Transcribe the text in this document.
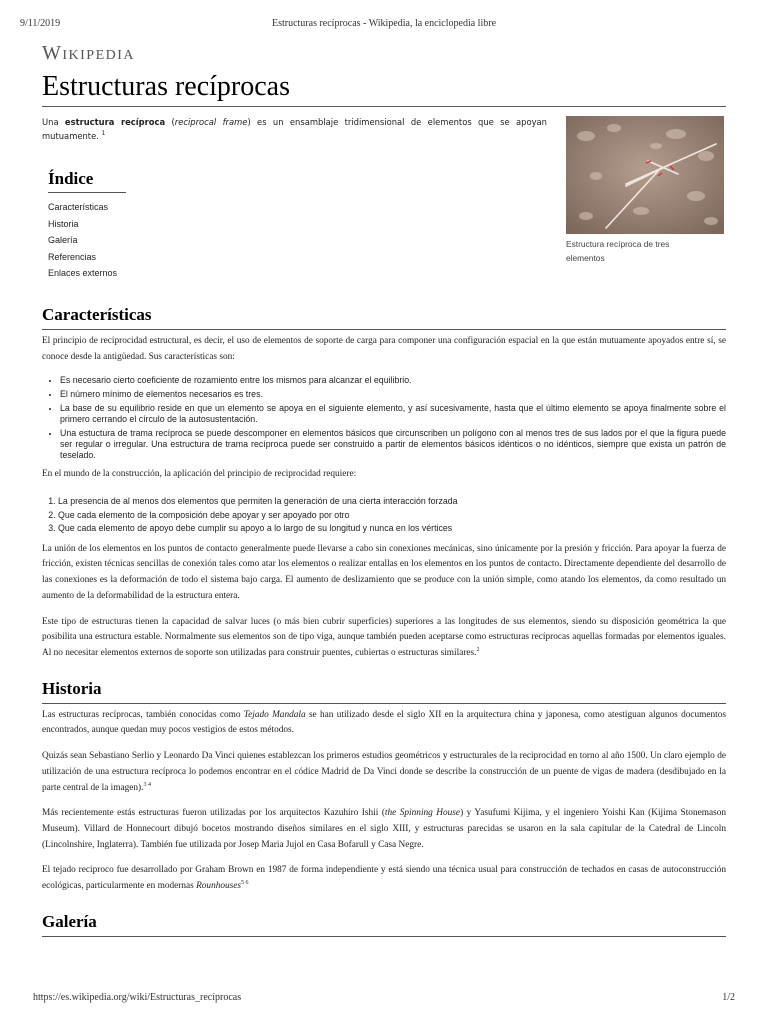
9/11/2019	Estructuras recíprocas - Wikipedia, la enciclopedia libre
Wikipedia
Estructuras recíprocas
Estructura recíproca de tres elementos
Una estructura recíproca (reciprocal frame) es un ensamblaje tridimensional de elementos que se apoyan mutuamente. $^1$
Índice
Características
Historia
Galería
Referencias
Enlaces externos
Características

El principio de reciprocidad estructural, es decir, el uso de elementos de soporte de carga para componer una configuración espacial en la que están mutuamente apoyados entre sí, se conoce desde la antigüedad. Sus características son:

• Es necesario cierto coeficiente de rozamiento entre los mismos para alcanzar el equilibrio.
• El número mínimo de elementos necesarios es tres.
• La base de su equilibrio reside en que un elemento se apoya en el siguiente elemento, y así sucesivamente, hasta que el último elemento se apoya finalmente sobre el primero cerrando el círculo de la autosustentación.
• Una estuctura de trama recíproca se puede descomponer en elementos básicos que circunscriben un polígono con al menos tres de sus lados por el que la figura puede ser regular o irregular. Una estructura de trama recíproca puede ser construido a partir de elementos básicos idénticos o no idénticos, siempre que exista un patrón de teselado.

En el mundo de la construcción, la aplicación del principio de reciprocidad requiere:

1. La presencia de al menos dos elementos que permiten la generación de una cierta interacción forzada
2. Que cada elemento de la composición debe apoyar y ser apoyado por otro
3. Que cada elemento de apoyo debe cumplir su apoyo a lo largo de su longitud y nunca en los vértices

La unión de los elementos en los puntos de contacto generalmente puede llevarse a cabo sin conexiones mecánicas, sino únicamente por la presión y fricción. Para apoyar la fuerza de fricción, existen técnicas sencillas de conexión tales como atar los elementos o realizar entallas en los elementos en los puntos de contacto. Directamente dependiente del desarrollo de las conexiones es la deformación de todo el sistema bajo carga. El aumento de deslizamiento que se produce con la unión simple, como atando los elementos, da como resultado un aumento de la deformabilidad de la estructura entera.

Este tipo de estructuras tienen la capacidad de salvar luces (o más bien cubrir superficies) superiores a las longitudes de sus elementos, siendo su disposición geométrica la que posibilita una estructura estable. Normalmente sus elementos son de tipo viga, aunque también pueden aceptarse como estructuras recíprocas aquellas formadas por elementos iguales. Al no necesitar elementos externos de soporte son utilizadas para construir puentes, cubiertas o estructuras similares.$^2$

Historia

Las estructuras recíprocas, también conocidas como Tejado Mandala se han utilizado desde el siglo XII en la arquitectura china y japonesa, como atestiguan algunos documentos encontrados, aunque quedan muy pocos vestigios de estos métodos.

Quizás sean Sebastiano Serlio y Leonardo Da Vinci quienes establezcan los primeros estudios geométricos y estructurales de la reciprocidad en torno al año 1500. Un claro ejemplo de utilización de una estructura recíproca lo podemos encontrar en el códice Madrid de Da Vinci donde se describe la construcción de un puente de vigas de madera (desdibujado en la parte central de la imagen).$^{3 4}$

Más recientemente estás estructuras fueron utilizadas por los arquitectos Kazuhiro Ishii (the Spinning House) y Yasufumi Kijima, y el ingeniero Yoishi Kan (Kijima Stonemason Museum). Villard de Honnecourt dibujó bocetos mostrando diseños similares en el siglo XIII, y estructuras parecidas se usaron en la sala capitular de la Catedral de Lincoln (Lincolnshire, Inglaterra). También fue utilizada por Josep Maria Jujol en Casa Bofarull y Casa Negre.

El tejado recíproco fue desarrollado por Graham Brown en 1987 de forma independiente y está siendo una técnica usual para construcción de techados en casas de autoconstrucción ecológicas, particularmente en modernas Rounhouses$^{5 6}$

Galería
https://es.wikipedia.org/wiki/Estructuras_recíprocas	1/2
